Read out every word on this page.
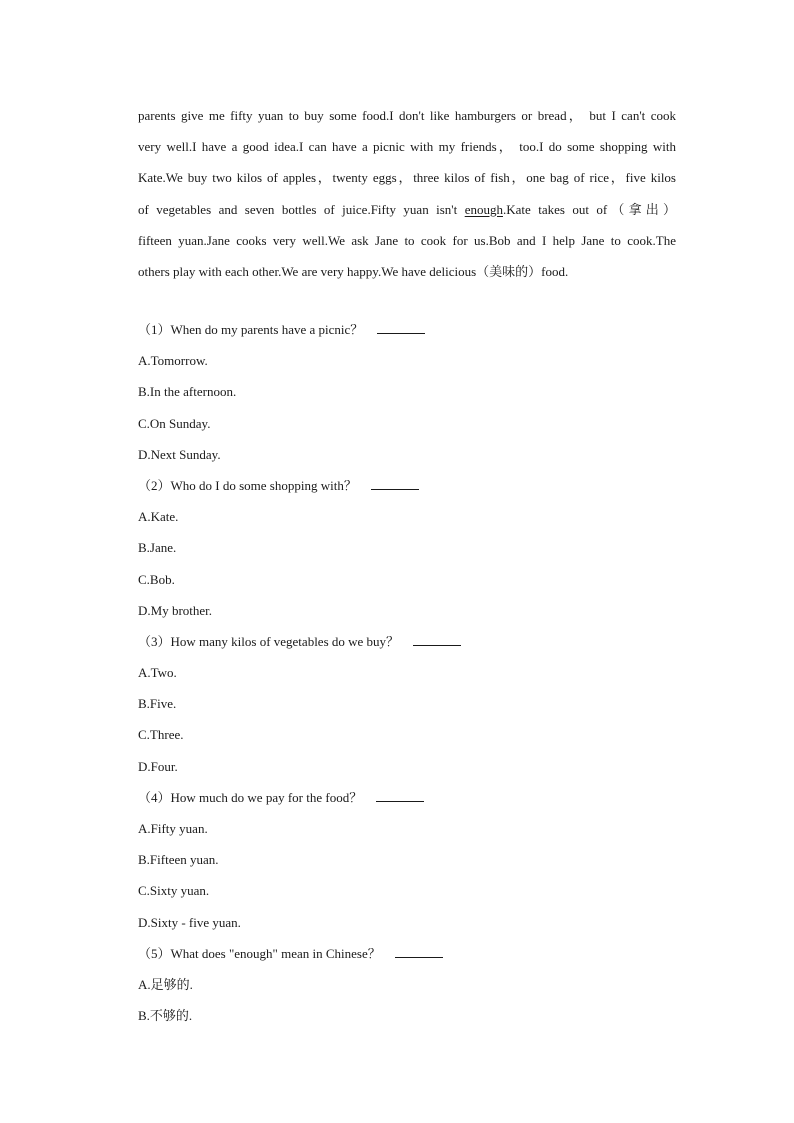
parents give me fifty yuan to buy some food.I don't like hamburgers or bread， but I can't cook
very well.I have a good idea.I can have a picnic with my friends， too.I do some shopping with
Kate.We buy two kilos of apples，twenty eggs，three kilos of fish，one bag of rice，five kilos
of vegetables and seven bottles of juice.Fifty yuan isn't enough.Kate takes out of（拿出）
fifteen yuan.Jane cooks very well.We ask Jane to cook for us.Bob and I help Jane to cook.The
others play with each other.We are very happy.We have delicious（美味的）food.
（1）When do my parents have a picnic？
A.Tomorrow.
B.In the afternoon.
C.On Sunday.
D.Next Sunday.
（2）Who do I do some shopping with？
A.Kate.
B.Jane.
C.Bob.
D.My brother.
（3）How many kilos of vegetables do we buy？
A.Two.
B.Five.
C.Three.
D.Four.
（4）How much do we pay for the food？
A.Fifty yuan.
B.Fifteen yuan.
C.Sixty yuan.
D.Sixty - five yuan.
（5）What does "enough" mean in Chinese？
A.足够的.
B.不够的.
